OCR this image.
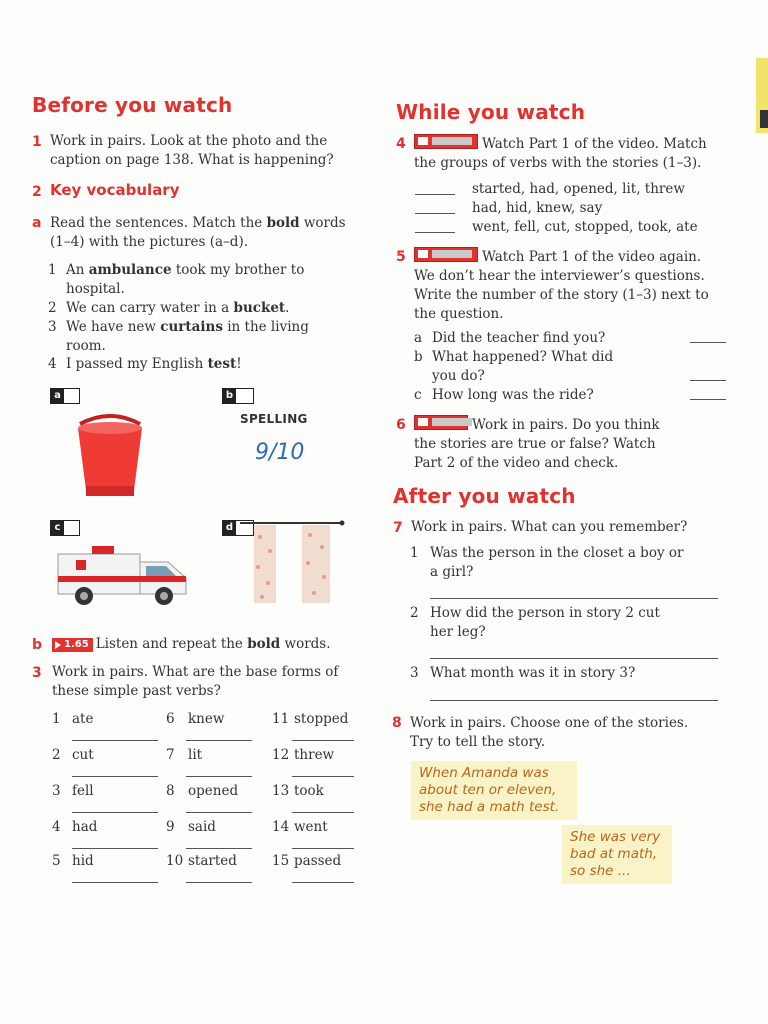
Before you watch
1 Work in pairs. Look at the photo and the
caption on page 138. What is happening?
2 Key vocabulary
a Read the sentences. Match the bold words
(1–4) with the pictures (a–d).
1 An ambulance took my brother to
hospital.
2 We can carry water in a bucket.
3 We have new curtains in the living
room.
4 I passed my English test!
a	b
SPELLING
9/10
c	d
b	1.65 Listen and repeat the bold words.
3 Work in pairs. What are the base forms of
these simple past verbs?
1 ate
2 cut
3 fell
4 had
5 hid
6 knew
7 lit
8 opened
9 said
10 started
11 stopped
12 threw
13 took
14 went
15 passed
While you watch
4	Watch Part 1 of the video. Match
the groups of verbs with the stories (1–3).
started, had, opened, lit, threw
had, hid, knew, say
went, fell, cut, stopped, took, ate
5	Watch Part 1 of the video again.
We don’t hear the interviewer’s questions.
Write the number of the story (1–3) next to
the question.
a Did the teacher find you?
b What happened? What did
you do?
c How long was the ride?
6	Work in pairs. Do you think
the stories are true or false? Watch
Part 2 of the video and check.
After you watch
7 Work in pairs. What can you remember?
1 Was the person in the closet a boy or
a girl?
2 How did the person in story 2 cut
her leg?
3 What month was it in story 3?
8 Work in pairs. Choose one of the stories.
Try to tell the story.
When Amanda was
about ten or eleven,
she had a math test.
She was very
bad at math,
so she ...
